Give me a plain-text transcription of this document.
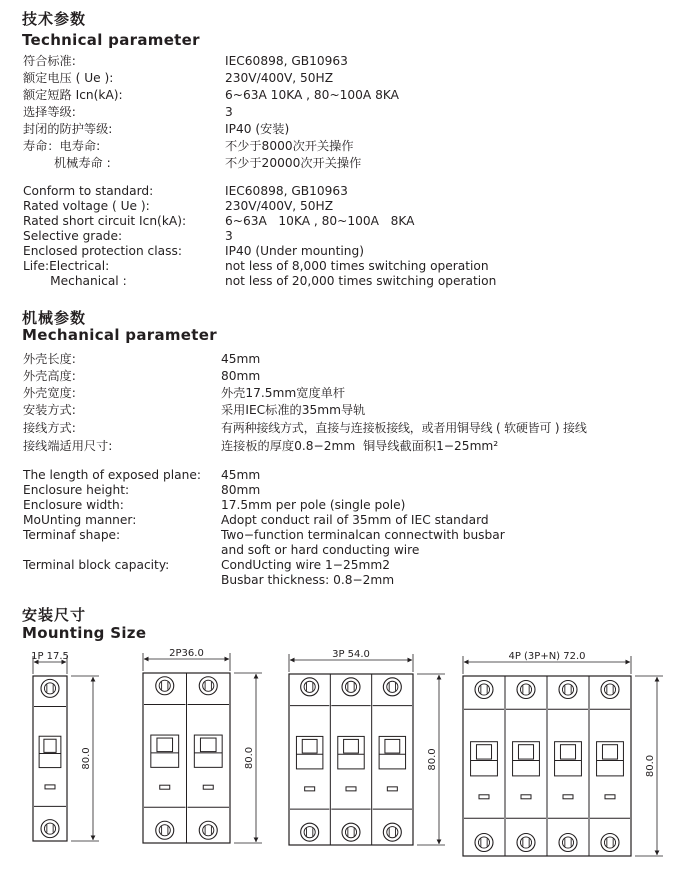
技术参数
Technical parameter
符合标准:	IEC60898, GB10963
额定电压 ( Ue ):	230V/400V, 50HZ
额定短路 Icn(kA):	6~63A 10KA , 80~100A 8KA
选择等级:	3
封闭的防护等级:	IP40 (安装)
寿命：电寿命:	不少于8000次开关操作
机械寿命 :	不少于20000次开关操作
Conform to standard:	IEC60898, GB10963
Rated voltage ( Ue ):	230V/400V, 50HZ
Rated short circuit Icn(kA):	6~63A   10KA , 80~100A   8KA
Selective grade:	3
Enclosed protection class:	IP40 (Under mounting)
Life:Electrical:	not less of 8,000 times switching operation
Mechanical :	not less of 20,000 times switching operation
机械参数
Mechanical parameter
外壳长度:	45mm
外壳高度:	80mm
外壳宽度:	外壳17.5mm宽度单杆
安装方式:	采用IEC标准的35mm导轨
接线方式:	有两种接线方式，直接与连接板接线，或者用铜导线 ( 软硬皆可 ) 接线
接线端适用尺寸:	连接板的厚度0.8−2mm  铜导线截面积1−25mm²
The length of exposed plane: 45mm
Enclosure height:	80mm
Enclosure width:	17.5mm per pole (single pole)
MoUnting manner:	Adopt conduct rail of 35mm of IEC standard
Terminaf shape:	Two−function terminalcan connectwith busbar
and soft or hard conducting wire
Terminal block capacity:	CondUcting wire 1−25mm2
Busbar thickness: 0.8−2mm
安装尺寸
Mounting Size
1P 17.5
80.0
2P36.0
80.0
3P 54.0
80.0
4P (3P+N) 72.0
80.0
